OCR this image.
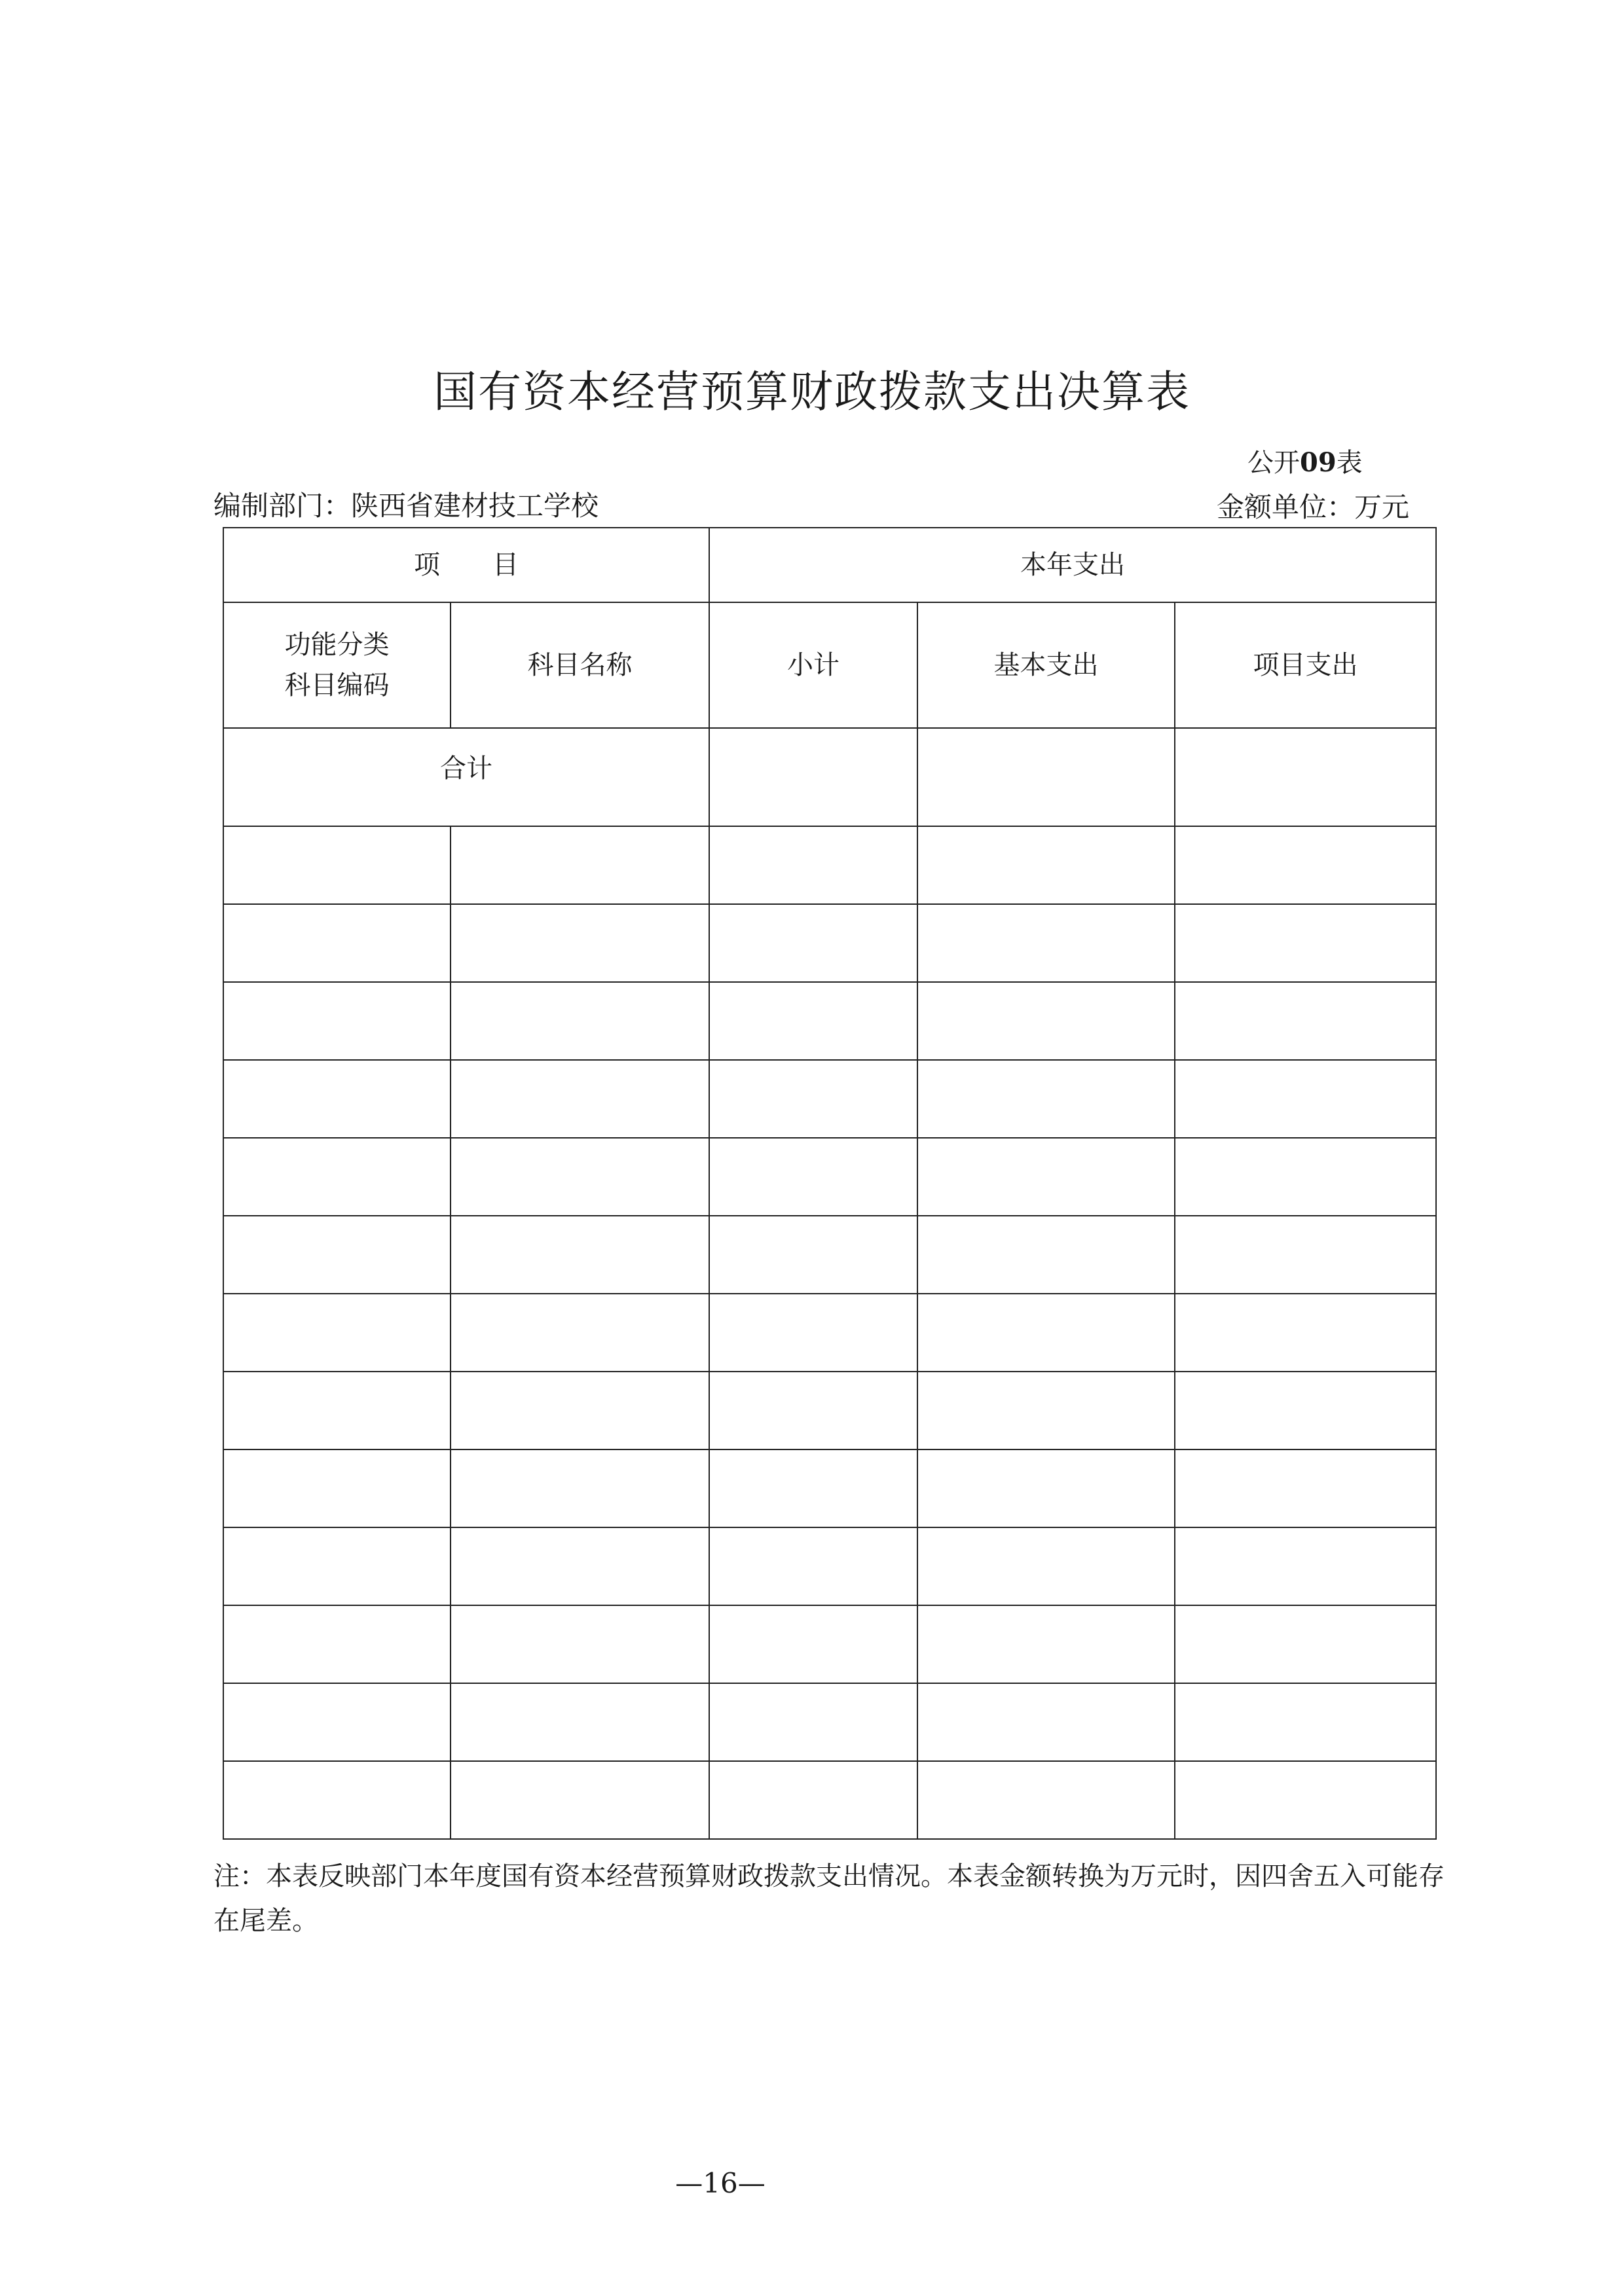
国有资本经营预算财政拨款支出决算表
公开09表
编制部门：陕西省建材技工学校	金额单位：万元
项　　目		本年支出		
功能分类
科目编码	科目名称	小计	基本支出	项目支出
合计				

注：本表反映部门本年度国有资本经营预算财政拨款支出情况。本表金额转换为万元时，因四舍五入可能存在尾差。
—16—
